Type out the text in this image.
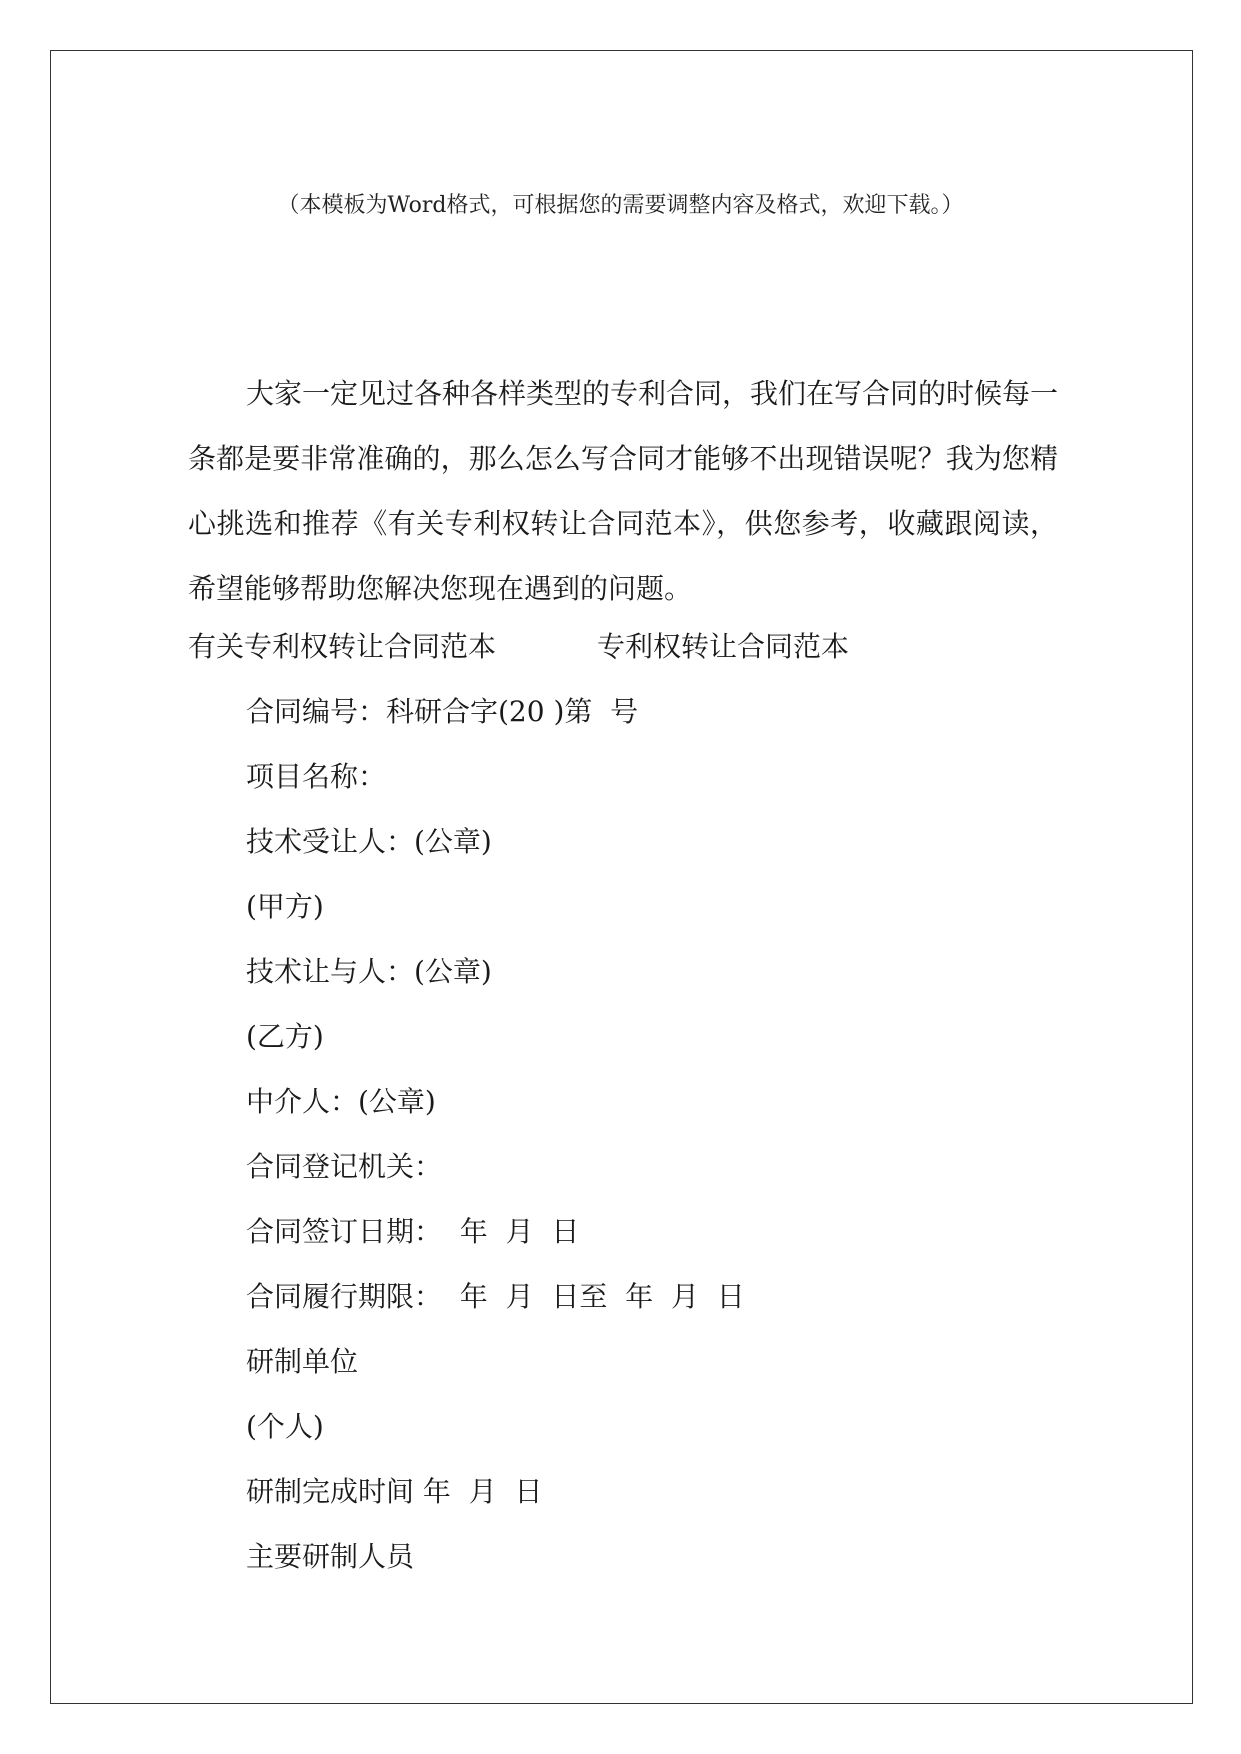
（本模板为Word格式，可根据您的需要调整内容及格式，欢迎下载。）
大家一定见过各种各样类型的专利合同，我们在写合同的时候每一条都是要非常准确的，那么怎么写合同才能够不出现错误呢？我为您精心挑选和推荐《有关专利权转让合同范本》，供您参考，收藏跟阅读，希望能够帮助您解决您现在遇到的问题。
有关专利权转让合同范本	专利权转让合同范本
合同编号：科研合字(20 )第  号
项目名称：
技术受让人：(公章)
(甲方)
技术让与人：(公章)
(乙方)
中介人：(公章)
合同登记机关：
合同签订日期：  年  月  日
合同履行期限：  年  月  日至  年  月  日
研制单位
(个人)
研制完成时间 年  月  日
主要研制人员
